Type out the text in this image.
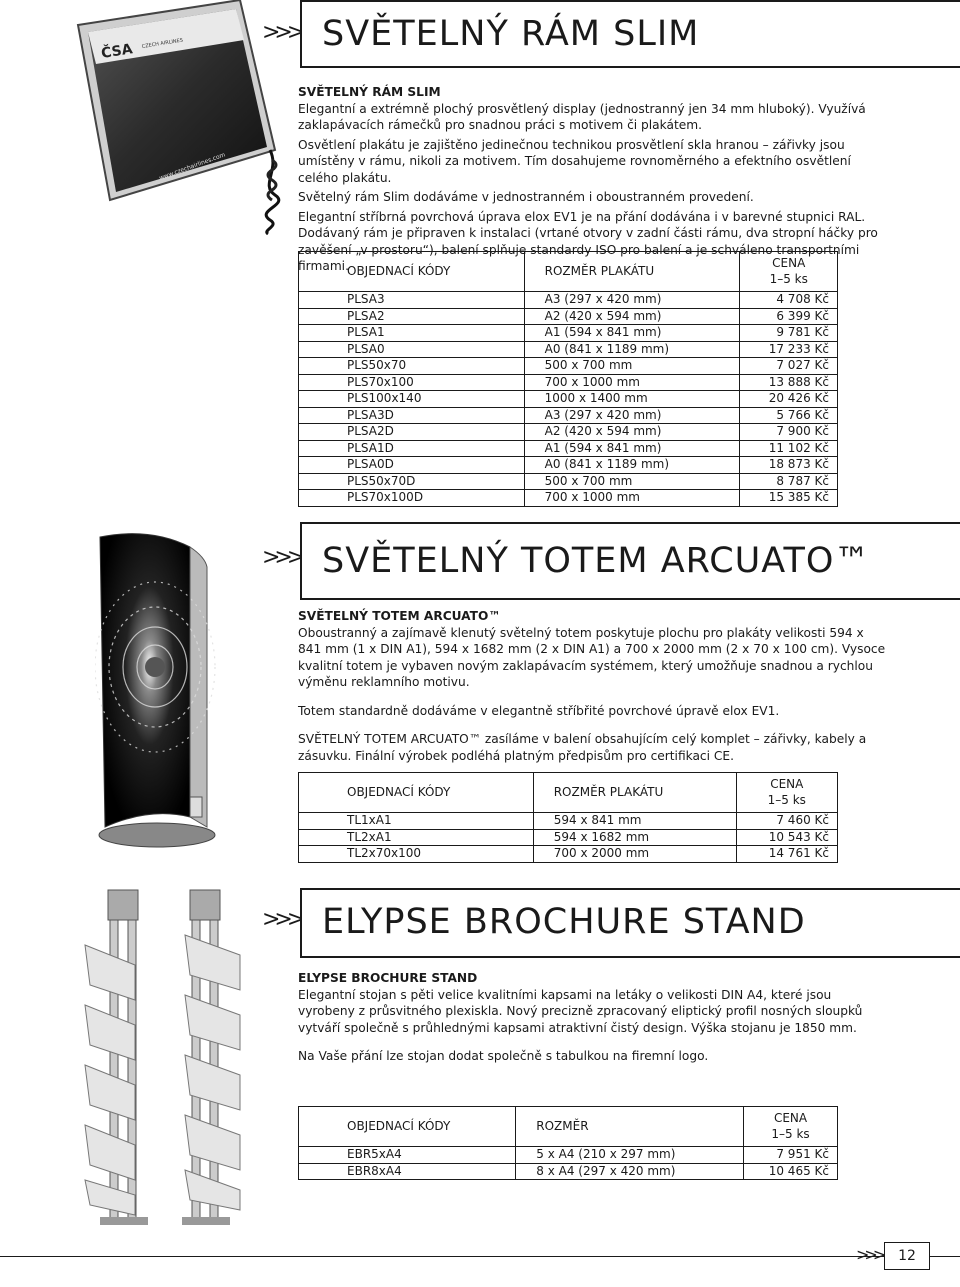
ČSA CZECH AIRLINES
www.czechairlines.com
>>> SVĚTELNÝ RÁM SLIM
SVĚTELNÝ RÁM SLIM

Elegantní a extrémně plochý prosvětlený display (jednostranný jen 34 mm hluboký). Využívá zaklapávacích rámečků pro snadnou práci s motivem či plakátem.

Osvětlení plakátu je zajištěno jedinečnou technikou prosvětlení skla hranou – zářivky jsou umístěny v rámu, nikoli za motivem. Tím dosahujeme rovnoměrného a efektního osvětlení celého plakátu.

Světelný rám Slim dodáváme v jednostranném i oboustranném provedení.

Elegantní stříbrná povrchová úprava elox EV1 je na přání dodávána i v barevné stupnici RAL. Dodávaný rám je připraven k instalaci (vrtané otvory v zadní části rámu, dva stropní háčky pro zavěšení „v prostoru“), balení splňuje standardy ISO pro balení a je schváleno transportními firmami.

OBJEDNACÍ KÓDY	ROZMĚR PLAKÁTU	CENA
1–5 ks
PLSA3	A3 (297 x 420 mm)	4 708 Kč
PLSA2	A2 (420 x 594 mm)	6 399 Kč
PLSA1	A1 (594 x 841 mm)	9 781 Kč
PLSA0	A0 (841 x 1189 mm)	17 233 Kč
PLS50x70	500 x 700 mm	7 027 Kč
PLS70x100	700 x 1000 mm	13 888 Kč
PLS100x140	1000 x 1400 mm	20 426 Kč
PLSA3D	A3 (297 x 420 mm)	5 766 Kč
PLSA2D	A2 (420 x 594 mm)	7 900 Kč
PLSA1D	A1 (594 x 841 mm)	11 102 Kč
PLSA0D	A0 (841 x 1189 mm)	18 873 Kč
PLS50x70D	500 x 700 mm	8 787 Kč
PLS70x100D	700 x 1000 mm	15 385 Kč
>>> SVĚTELNÝ TOTEM ARCUATO™
SVĚTELNÝ TOTEM ARCUATO™

Oboustranný a zajímavě klenutý světelný totem poskytuje plochu pro plakáty velikosti 594 x 841 mm (1 x DIN A1), 594 x 1682 mm (2 x DIN A1) a 700 x 2000 mm (2 x 70 x 100 cm). Vysoce kvalitní totem je vybaven novým zaklapávacím systémem, který umožňuje snadnou a rychlou výměnu reklamního motivu.

Totem standardně dodáváme v elegantně stříbřité povrchové úpravě elox EV1.

SVĚTELNÝ TOTEM ARCUATO™ zasíláme v balení obsahujícím celý komplet – zářivky, kabely a zásuvku. Finální výrobek podléhá platným předpisům pro certifikaci CE.

OBJEDNACÍ KÓDY	ROZMĚR PLAKÁTU	CENA
1–5 ks
TL1xA1	594 x 841 mm	7 460 Kč
TL2xA1	594 x 1682 mm	10 543 Kč
TL2x70x100	700 x 2000 mm	14 761 Kč
>>> ELYPSE BROCHURE STAND
ELYPSE BROCHURE STAND

Elegantní stojan s pěti velice kvalitními kapsami na letáky o velikosti DIN A4, které jsou vyrobeny z průsvitného plexiskla. Nový precizně zpracovaný eliptický profil nosných sloupků vytváří společně s průhlednými kapsami atraktivní čistý design. Výška stojanu je 1850 mm.

Na Vaše přání lze stojan dodat společně s tabulkou na firemní logo.

OBJEDNACÍ KÓDY	ROZMĚR	CENA
1–5 ks
EBR5xA4	5 x A4 (210 x 297 mm)	7 951 Kč
EBR8xA4	8 x A4 (297 x 420 mm)	10 465 Kč
>>>	12
